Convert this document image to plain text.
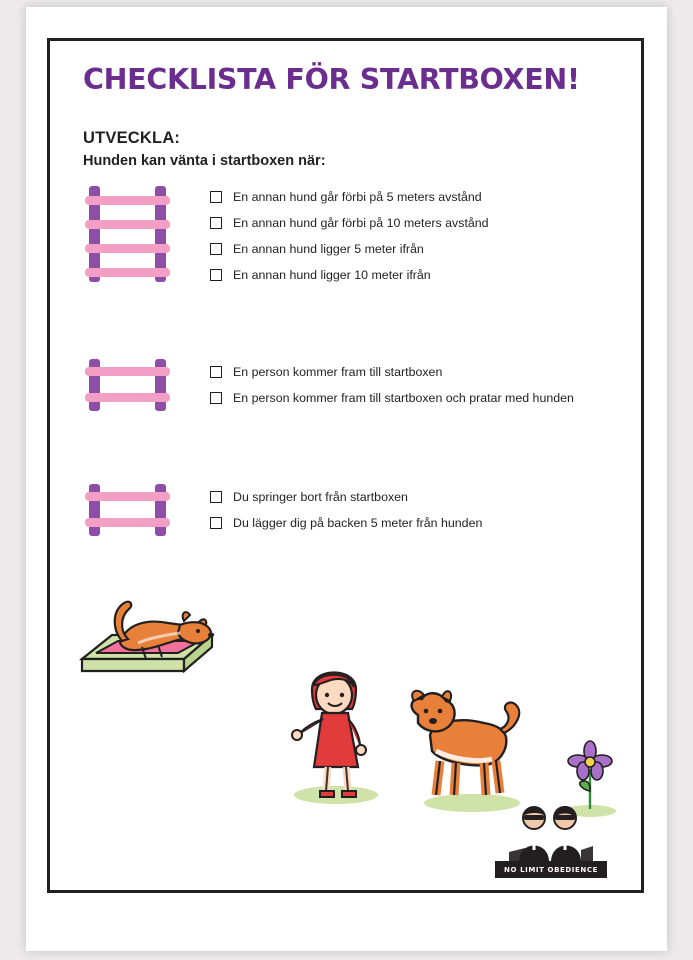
CHECKLISTA FÖR STARTBOXEN!
UTVECKLA:
Hunden kan vänta i startboxen när:
En annan hund går förbi på 5 meters avstånd
En annan hund går förbi på 10 meters avstånd
En annan hund ligger 5 meter ifrån
En annan hund ligger 10 meter ifrån
En person kommer fram till startboxen
En person kommer fram till startboxen och pratar med hunden
Du springer bort från startboxen
Du lägger dig på backen 5 meter från hunden
NO LIMIT OBEDIENCE
